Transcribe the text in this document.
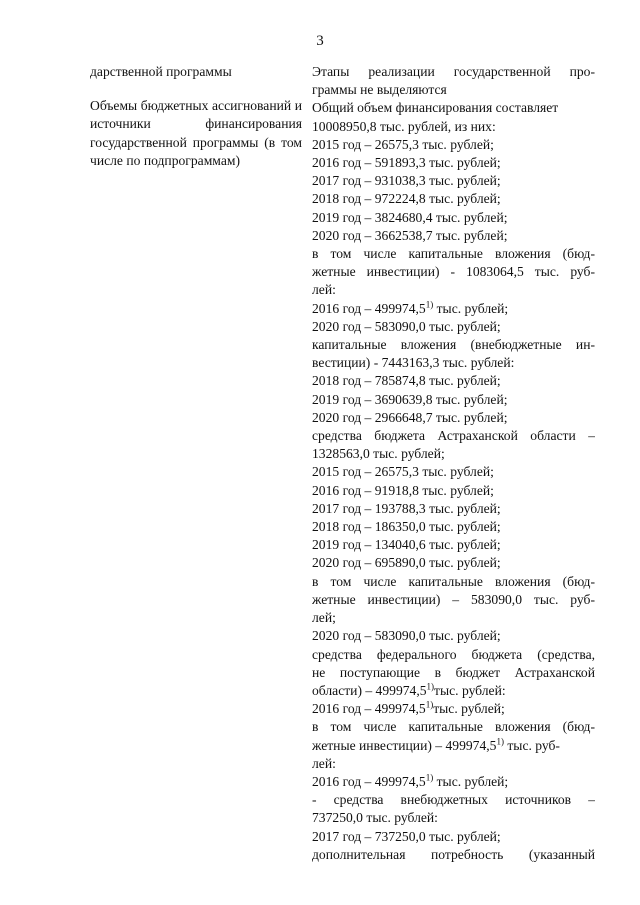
3
дарственной программы
Объемы бюджетных ассигнований и источники финансирования государственной программы (в том числе по подпрограммам)
Этапы реализации государственной про-
граммы не выделяются
Общий объем финансирования составляет
10008950,8 тыс. рублей, из них:
2015 год – 26575,3 тыс. рублей;
2016 год – 591893,3 тыс. рублей;
2017 год – 931038,3 тыс. рублей;
2018 год – 972224,8 тыс. рублей;
2019 год – 3824680,4 тыс. рублей;
2020 год – 3662538,7 тыс. рублей;
в том числе капитальные вложения (бюд-
жетные инвестиции) - 1083064,5 тыс. руб-
лей:
2016 год – 499974,5$^{1)}$ тыс. рублей;
2020 год – 583090,0 тыс. рублей;
капитальные вложения (внебюджетные ин-
вестиции) - 7443163,3 тыс. рублей:
2018 год – 785874,8 тыс. рублей;
2019 год – 3690639,8 тыс. рублей;
2020 год – 2966648,7 тыс. рублей;
средства бюджета Астраханской области –
1328563,0 тыс. рублей;
2015 год – 26575,3 тыс. рублей;
2016 год – 91918,8 тыс. рублей;
2017 год – 193788,3 тыс. рублей;
2018 год – 186350,0 тыс. рублей;
2019 год – 134040,6 тыс. рублей;
2020 год – 695890,0 тыс. рублей;
в том числе капитальные вложения (бюд-
жетные инвестиции) – 583090,0 тыс. руб-
лей;
2020 год – 583090,0 тыс. рублей;
средства федерального бюджета (средства,
не поступающие в бюджет Астраханской
области) – 499974,5$^{1)}$тыс. рублей:
2016 год – 499974,5$^{1)}$тыс. рублей;
в том числе капитальные вложения (бюд-
жетные инвестиции) – 499974,5$^{1)}$ тыс. руб-
лей:
2016 год – 499974,5$^{1)}$ тыс. рублей;
- средства внебюджетных источников –
737250,0 тыс. рублей:
2017 год – 737250,0 тыс. рублей;
дополнительная потребность (указанный
